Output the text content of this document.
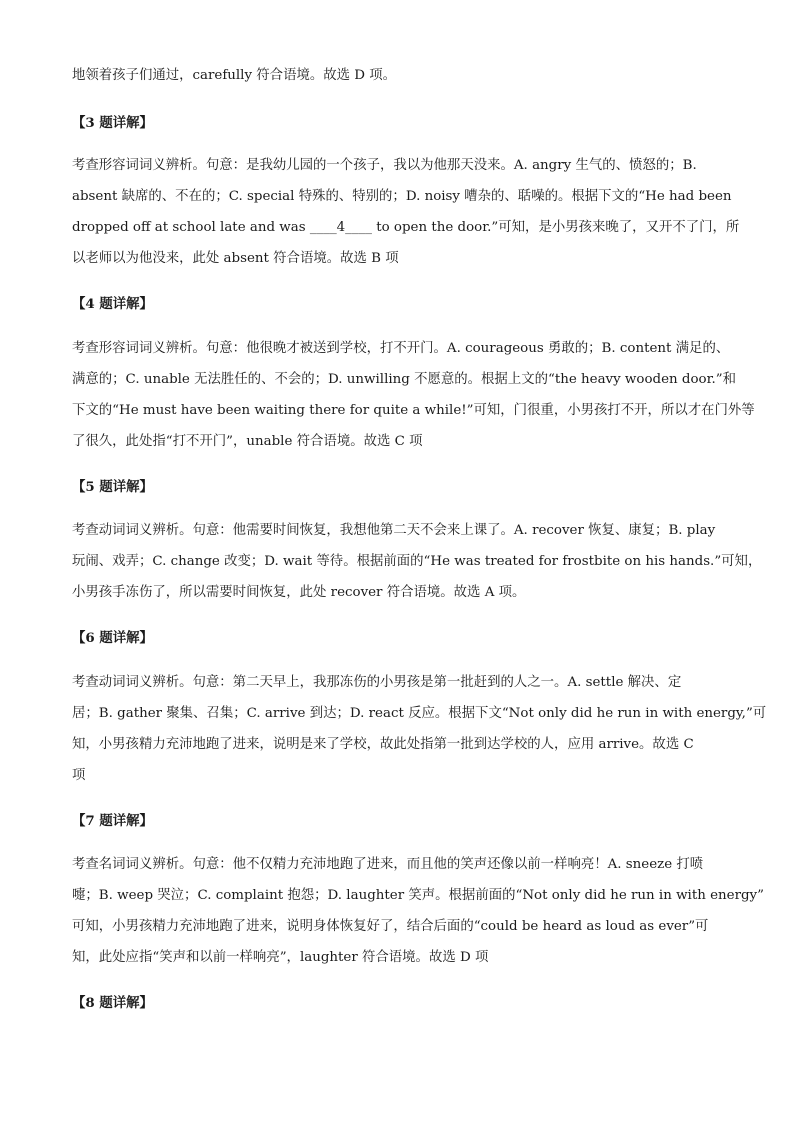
地领着孩子们通过，carefully 符合语境。故选 D 项。
【3 题详解】
考查形容词词义辨析。句意：是我幼儿园的一个孩子，我以为他那天没来。A. angry 生气的、愤怒的；B.
absent 缺席的、不在的；C. special 特殊的、特别的；D. noisy 嘈杂的、聒噪的。根据下文的“He had been
dropped off at school late and was ____4____ to open the door.”可知，是小男孩来晚了，又开不了门，所
以老师以为他没来，此处 absent 符合语境。故选 B 项
【4 题详解】
考查形容词词义辨析。句意：他很晚才被送到学校，打不开门。A. courageous 勇敢的；B. content 满足的、
满意的；C. unable 无法胜任的、不会的；D. unwilling 不愿意的。根据上文的“the heavy wooden door.”和
下文的“He must have been waiting there for quite a while!”可知，门很重，小男孩打不开，所以才在门外等
了很久，此处指“打不开门”，unable 符合语境。故选 C 项
【5 题详解】
考查动词词义辨析。句意：他需要时间恢复，我想他第二天不会来上课了。A. recover 恢复、康复；B. play
玩闹、戏弄；C. change 改变；D. wait 等待。根据前面的“He was treated for frostbite on his hands.”可知，
小男孩手冻伤了，所以需要时间恢复，此处 recover 符合语境。故选 A 项。
【6 题详解】
考查动词词义辨析。句意：第二天早上，我那冻伤的小男孩是第一批赶到的人之一。A. settle 解决、定
居；B. gather 聚集、召集；C. arrive 到达；D. react 反应。根据下文“Not only did he run in with energy,”可
知，小男孩精力充沛地跑了进来，说明是来了学校，故此处指第一批到达学校的人，应用 arrive。故选 C
项
【7 题详解】
考查名词词义辨析。句意：他不仅精力充沛地跑了进来，而且他的笑声还像以前一样响亮！A. sneeze 打喷
嚏；B. weep 哭泣；C. complaint 抱怨；D. laughter 笑声。根据前面的“Not only did he run in with energy”
可知，小男孩精力充沛地跑了进来，说明身体恢复好了，结合后面的“could be heard as loud as ever”可
知，此处应指“笑声和以前一样响亮”，laughter 符合语境。故选 D 项
【8 题详解】
